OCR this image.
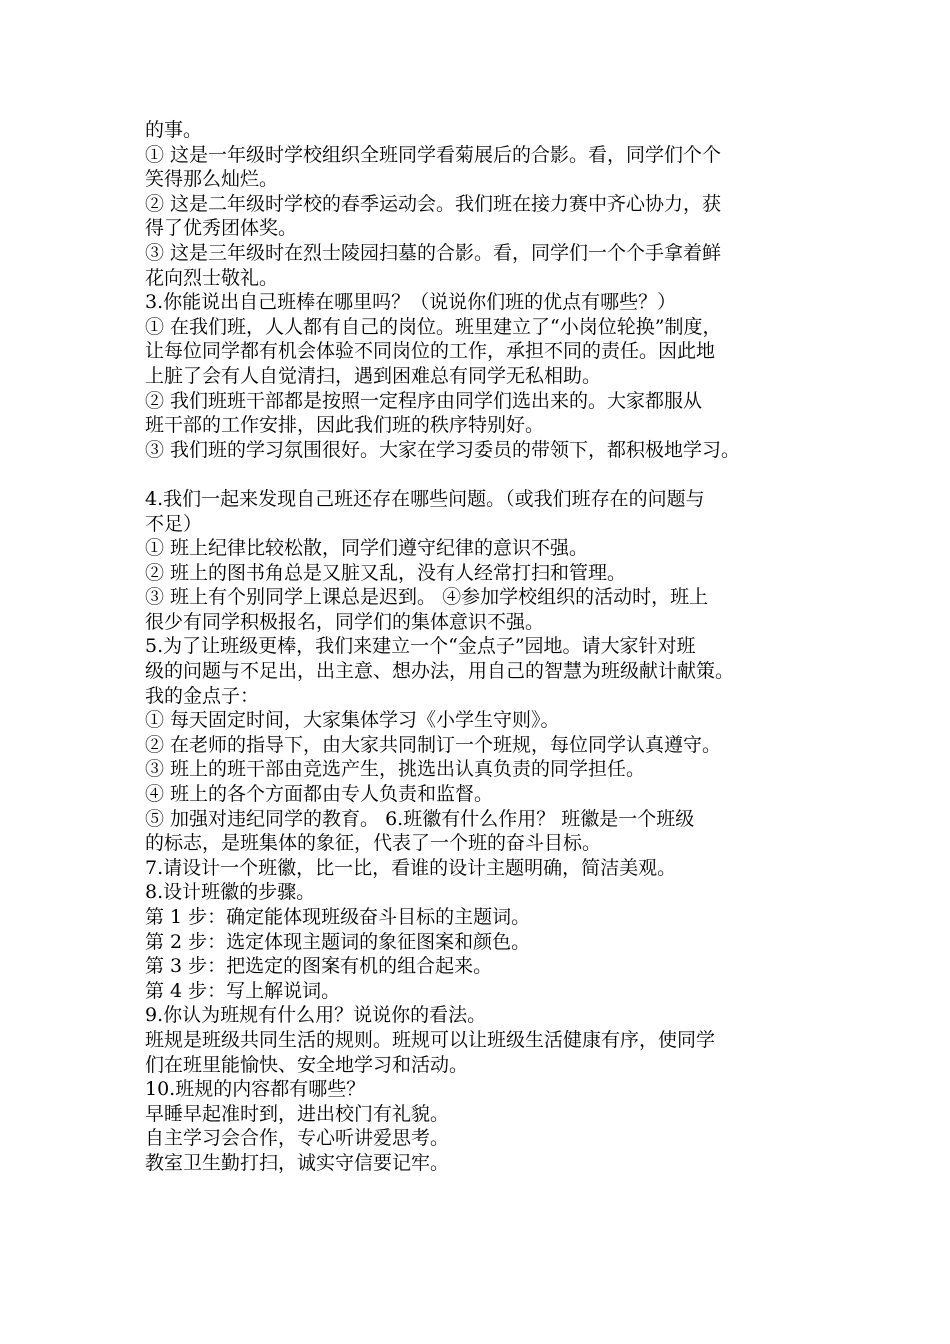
的事。
① 这是一年级时学校组织全班同学看菊展后的合影。看，同学们个个
笑得那么灿烂。
② 这是二年级时学校的春季运动会。我们班在接力赛中齐心协力，获
得了优秀团体奖。
③ 这是三年级时在烈士陵园扫墓的合影。看，同学们一个个手拿着鲜
花向烈士敬礼。
3.你能说出自己班棒在哪里吗？（说说你们班的优点有哪些？）
① 在我们班，人人都有自己的岗位。班里建立了“小岗位轮换”制度，
让每位同学都有机会体验不同岗位的工作，承担不同的责任。因此地
上脏了会有人自觉清扫，遇到困难总有同学无私相助。
② 我们班班干部都是按照一定程序由同学们选出来的。大家都服从
班干部的工作安排，因此我们班的秩序特别好。
③ 我们班的学习氛围很好。大家在学习委员的带领下，都积极地学习。
4.我们一起来发现自己班还存在哪些问题。（或我们班存在的问题与
不足）
① 班上纪律比较松散，同学们遵守纪律的意识不强。
② 班上的图书角总是又脏又乱，没有人经常打扫和管理。
③ 班上有个别同学上课总是迟到。 ④参加学校组织的活动时，班上
很少有同学积极报名，同学们的集体意识不强。
5.为了让班级更棒，我们来建立一个“金点子”园地。请大家针对班
级的问题与不足出，出主意、想办法，用自己的智慧为班级献计献策。
我的金点子：
① 每天固定时间，大家集体学习《小学生守则》。
② 在老师的指导下，由大家共同制订一个班规，每位同学认真遵守。
③ 班上的班干部由竞选产生，挑选出认真负责的同学担任。
④ 班上的各个方面都由专人负责和监督。
⑤ 加强对违纪同学的教育。 6.班徽有什么作用？ 班徽是一个班级
的标志，是班集体的象征，代表了一个班的奋斗目标。
7.请设计一个班徽，比一比，看谁的设计主题明确，简洁美观。
8.设计班徽的步骤。
第 1 步：确定能体现班级奋斗目标的主题词。
第 2 步：选定体现主题词的象征图案和颜色。
第 3 步：把选定的图案有机的组合起来。
第 4 步：写上解说词。
9.你认为班规有什么用？说说你的看法。
班规是班级共同生活的规则。班规可以让班级生活健康有序，使同学
们在班里能愉快、安全地学习和活动。
10.班规的内容都有哪些？
早睡早起准时到，进出校门有礼貌。
自主学习会合作，专心听讲爱思考。
教室卫生勤打扫，诚实守信要记牢。
